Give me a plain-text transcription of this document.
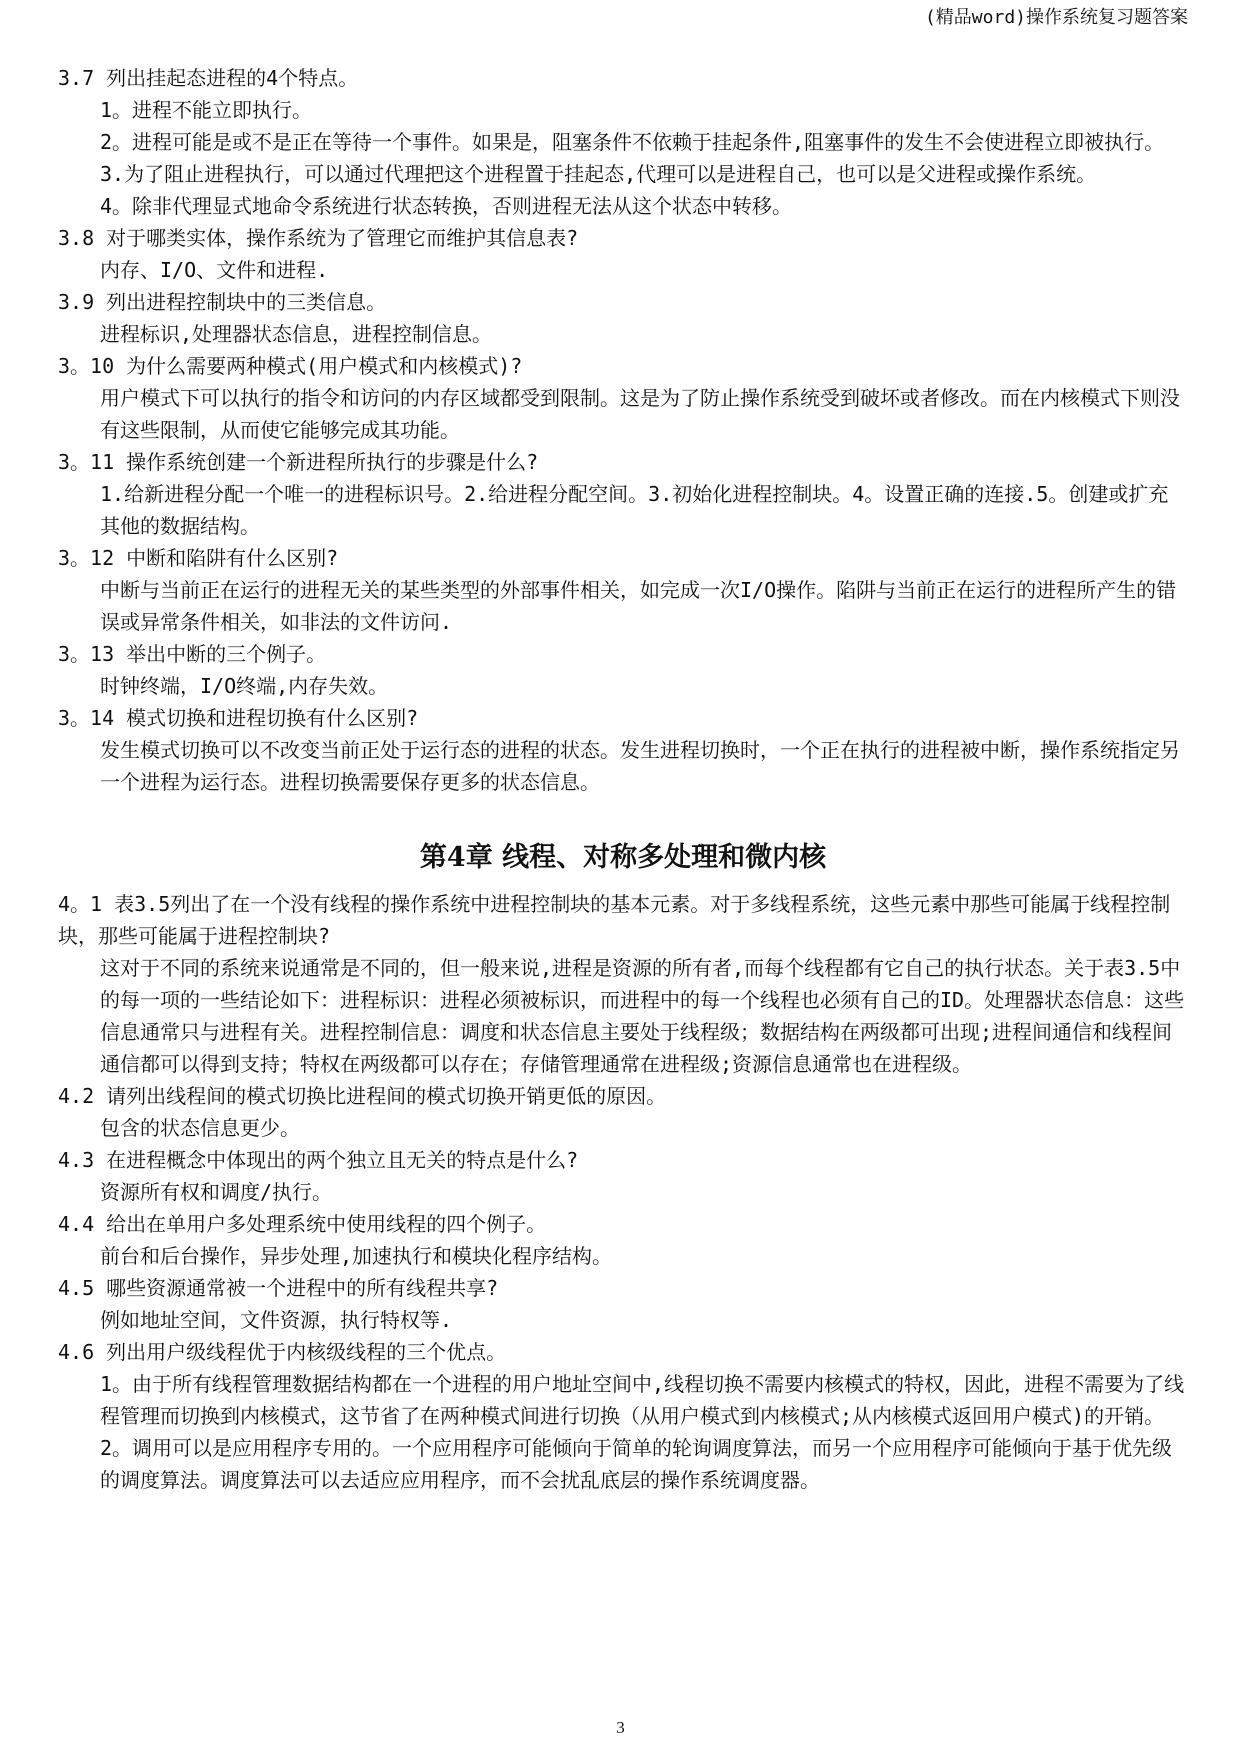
(精品word)操作系统复习题答案

3.7 列出挂起态进程的4个特点。

1。进程不能立即执行。

2。进程可能是或不是正在等待一个事件。如果是，阻塞条件不依赖于挂起条件,阻塞事件的发生不会使进程立即被执行。

3.为了阻止进程执行，可以通过代理把这个进程置于挂起态,代理可以是进程自己，也可以是父进程或操作系统。

4。除非代理显式地命令系统进行状态转换，否则进程无法从这个状态中转移。

3.8 对于哪类实体，操作系统为了管理它而维护其信息表?

内存、I/O、文件和进程.

3.9 列出进程控制块中的三类信息。

进程标识,处理器状态信息，进程控制信息。

3。10 为什么需要两种模式(用户模式和内核模式)?

用户模式下可以执行的指令和访问的内存区域都受到限制。这是为了防止操作系统受到破坏或者修改。而在内核模式下则没有这些限制，从而使它能够完成其功能。

3。11 操作系统创建一个新进程所执行的步骤是什么?

1.给新进程分配一个唯一的进程标识号。2.给进程分配空间。3.初始化进程控制块。4。设置正确的连接.5。创建或扩充其他的数据结构。

3。12 中断和陷阱有什么区别?

中断与当前正在运行的进程无关的某些类型的外部事件相关，如完成一次I/O操作。陷阱与当前正在运行的进程所产生的错误或异常条件相关，如非法的文件访问.

3。13 举出中断的三个例子。

时钟终端，I/O终端,内存失效。

3。14 模式切换和进程切换有什么区别?

发生模式切换可以不改变当前正处于运行态的进程的状态。发生进程切换时，一个正在执行的进程被中断，操作系统指定另一个进程为运行态。进程切换需要保存更多的状态信息。

第4章 线程、对称多处理和微内核

4。1 表3.5列出了在一个没有线程的操作系统中进程控制块的基本元素。对于多线程系统，这些元素中那些可能属于线程控制块，那些可能属于进程控制块?

这对于不同的系统来说通常是不同的，但一般来说,进程是资源的所有者,而每个线程都有它自己的执行状态。关于表3.5中的每一项的一些结论如下：进程标识：进程必须被标识，而进程中的每一个线程也必须有自己的ID。处理器状态信息：这些信息通常只与进程有关。进程控制信息：调度和状态信息主要处于线程级；数据结构在两级都可出现;进程间通信和线程间通信都可以得到支持；特权在两级都可以存在；存储管理通常在进程级;资源信息通常也在进程级。

4.2 请列出线程间的模式切换比进程间的模式切换开销更低的原因。

包含的状态信息更少。

4.3 在进程概念中体现出的两个独立且无关的特点是什么?

资源所有权和调度/执行。

4.4 给出在单用户多处理系统中使用线程的四个例子。

前台和后台操作，异步处理,加速执行和模块化程序结构。

4.5 哪些资源通常被一个进程中的所有线程共享?

例如地址空间，文件资源，执行特权等.

4.6 列出用户级线程优于内核级线程的三个优点。

1。由于所有线程管理数据结构都在一个进程的用户地址空间中,线程切换不需要内核模式的特权，因此，进程不需要为了线程管理而切换到内核模式，这节省了在两种模式间进行切换（从用户模式到内核模式;从内核模式返回用户模式)的开销。

2。调用可以是应用程序专用的。一个应用程序可能倾向于简单的轮询调度算法，而另一个应用程序可能倾向于基于优先级的调度算法。调度算法可以去适应应用程序，而不会扰乱底层的操作系统调度器。

3
